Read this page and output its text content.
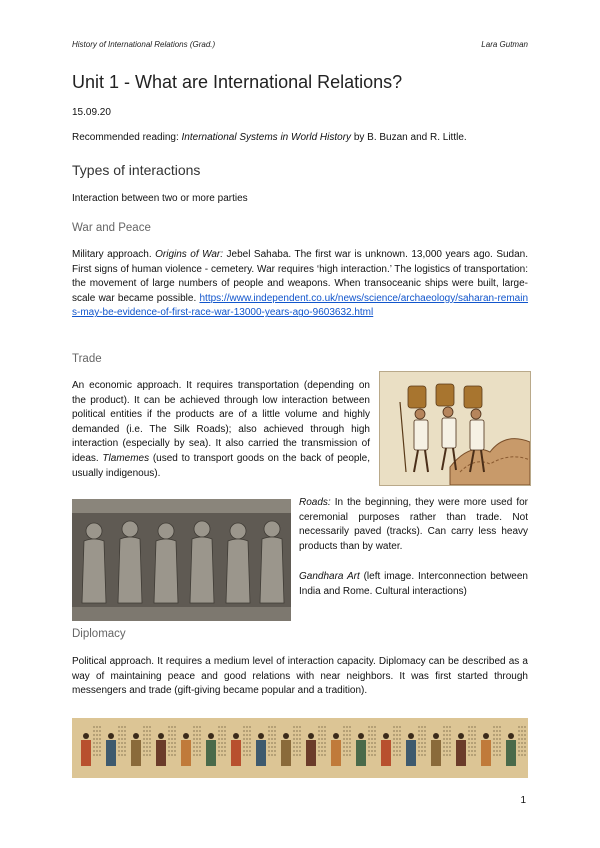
History of International Relations (Grad.)	Lara Gutman
Unit 1 - What are International Relations?
15.09.20
Recommended reading: International Systems in World History by B. Buzan and R. Little.
Types of interactions
Interaction between two or more parties
War and Peace
Military approach. Origins of War: Jebel Sahaba. The first war is unknown. 13,000 years ago. Sudan. First signs of human violence - cemetery. War requires ‘high interaction.’ The logistics of transportation: the movement of large numbers of people and weapons. When transoceanic ships were built, large-scale war became possible. https://www.independent.co.uk/news/science/archaeology/saharan-remains-may-be-evidence-of-first-race-war-13000-years-ago-9603632.html
Trade
An economic approach. It requires transportation (depending on the product). It can be achieved through low interaction between political entities if the products are of a little volume and highly demanded (i.e. The Silk Roads); also achieved through high interaction (especially by sea). It also carried the transmission of ideas. Tlamemes (used to transport goods on the back of people, usually indigenous).
Roads: In the beginning, they were more used for ceremonial purposes rather than trade. Not necessarily paved (tracks). Can carry less heavy products than by water.
Gandhara Art (left image. Interconnection between India and Rome. Cultural interactions)
Diplomacy
Political approach. It requires a medium level of interaction capacity. Diplomacy can be described as a way of maintaining peace and good relations with near neighbors. It was first started through messengers and trade (gift-giving became popular and a tradition).
1
